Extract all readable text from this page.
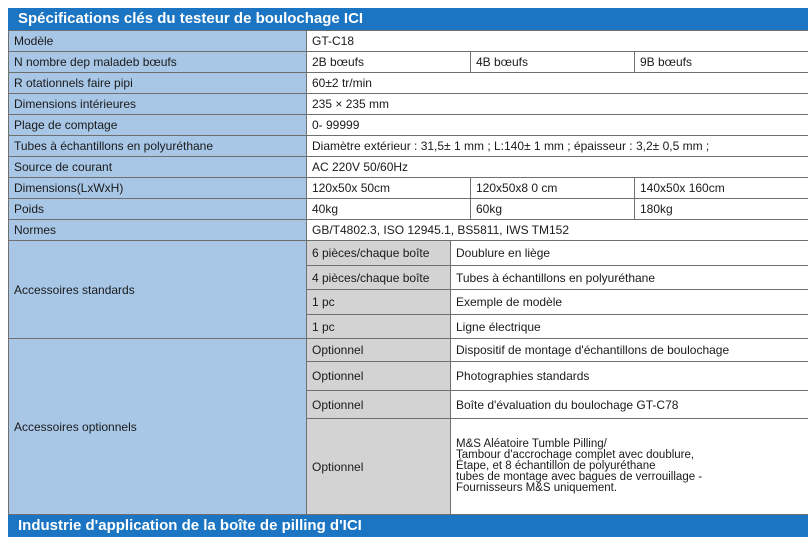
Spécifications clés du testeur de boulochage ICI
Modèle	GT-C18		
N nombre dep maladeb bœufs	2B bœufs	4B bœufs	9B bœufs
R otationnels faire pipi	60±2 tr/min		
Dimensions intérieures	235 × 235 mm		
Plage de comptage	0- 99999		
Tubes à échantillons en polyuréthane	Diamètre extérieur : 31,5± 1 mm ; L:140± 1 mm ; épaisseur : 3,2± 0,5 mm ;		
Source de courant	AC 220V 50/60Hz		
Dimensions(LxWxH)	120x50x 50cm	120x50x8 0 cm	140x50x 160cm
Poids	40kg	60kg	180kg
Normes	GB/T4802.3, ISO 12945.1, BS5811, IWS TM152		
Accessoires standards	6 pièces/chaque boîte	Doublure en liège
	4 pièces/chaque boîte	Tubes à échantillons en polyuréthane
	1 pc	Exemple de modèle
	1 pc	Ligne électrique
Accessoires optionnels	Optionnel	Dispositif de montage d'échantillons de boulochage
	Optionnel	Photographies standards
	Optionnel	Boîte d'évaluation du boulochage GT-C78
	Optionnel	M&S Aléatoire Tumble Pilling/
Tambour d'accrochage complet avec doublure,
Étape, et 8 échantillon de polyuréthane
tubes de montage avec bagues de verrouillage -
Fournisseurs M&S uniquement.
Industrie d'application de la boîte de pilling d'ICI
